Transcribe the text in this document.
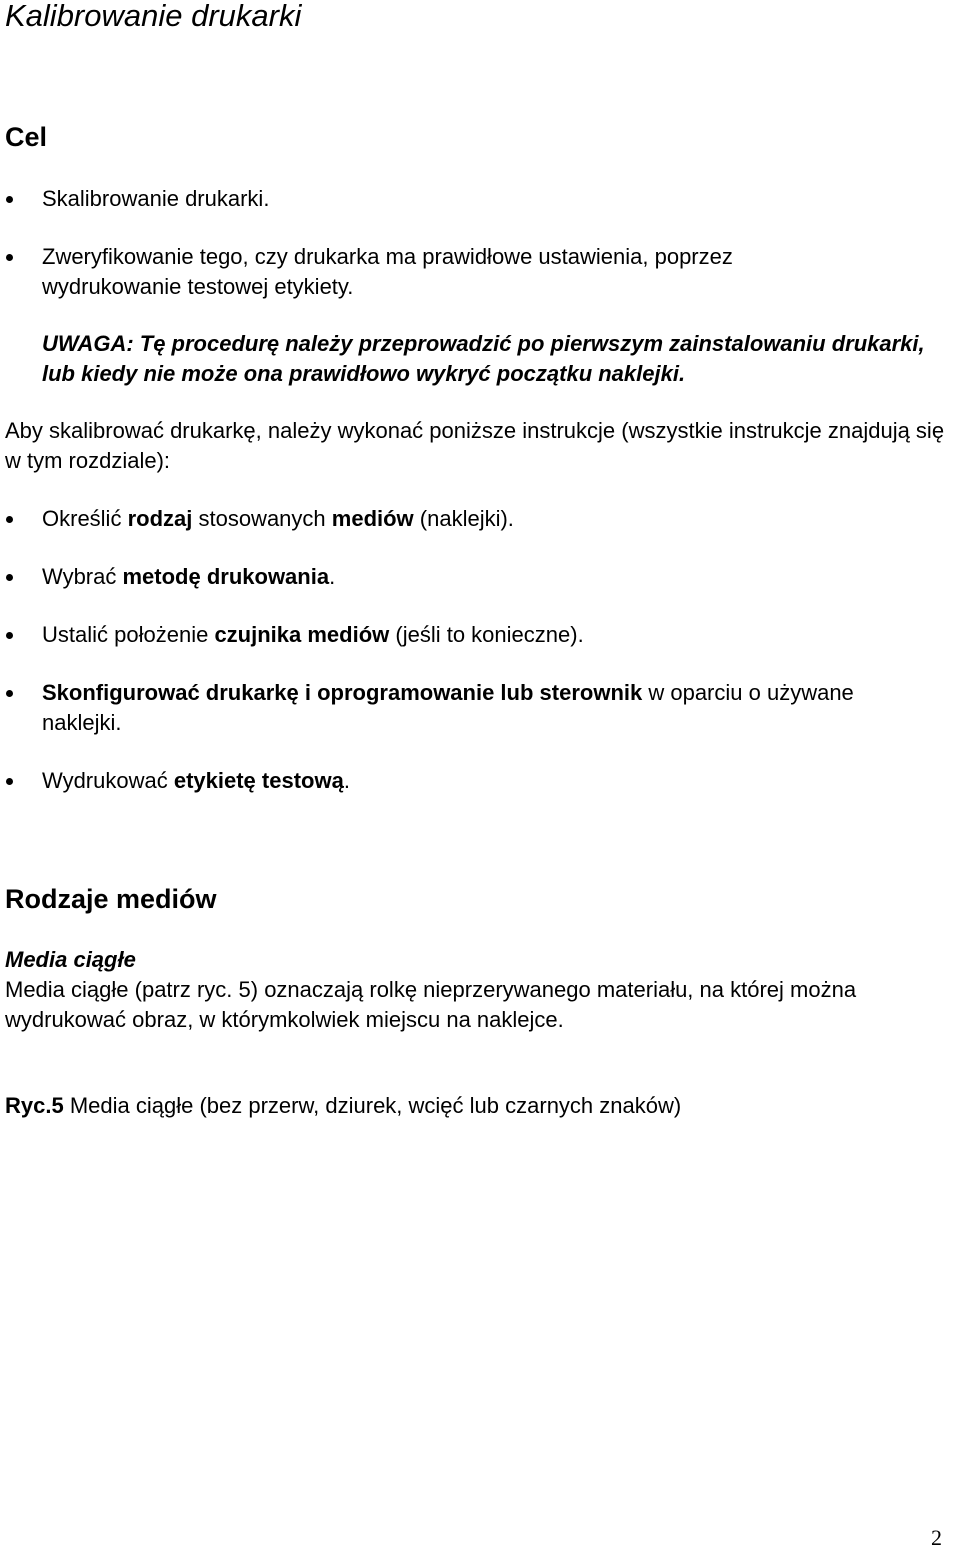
Kalibrowanie drukarki
Cel
Skalibrowanie drukarki.
Zweryfikowanie tego, czy drukarka ma prawidłowe ustawienia, poprzez wydrukowanie testowej etykiety.

UWAGA: Tę procedurę należy przeprowadzić po pierwszym zainstalowaniu drukarki, lub kiedy nie może ona prawidłowo wykryć początku naklejki.

Aby skalibrować drukarkę, należy wykonać poniższe instrukcje (wszystkie instrukcje znajdują się w tym rozdziale):

Określić rodzaj stosowanych mediów (naklejki).
Wybrać metodę drukowania.
Ustalić położenie czujnika mediów (jeśli to konieczne).
Skonfigurować drukarkę i oprogramowanie lub sterownik w oparciu o używane naklejki.
Wydrukować etykietę testową.
Rodzaje mediów

Media ciągłe

Media ciągłe (patrz ryc. 5) oznaczają rolkę nieprzerywanego materiału, na której można wydrukować obraz, w którymkolwiek miejscu na naklejce.

Ryc.5 Media ciągłe (bez przerw, dziurek, wcięć lub czarnych znaków)

2
